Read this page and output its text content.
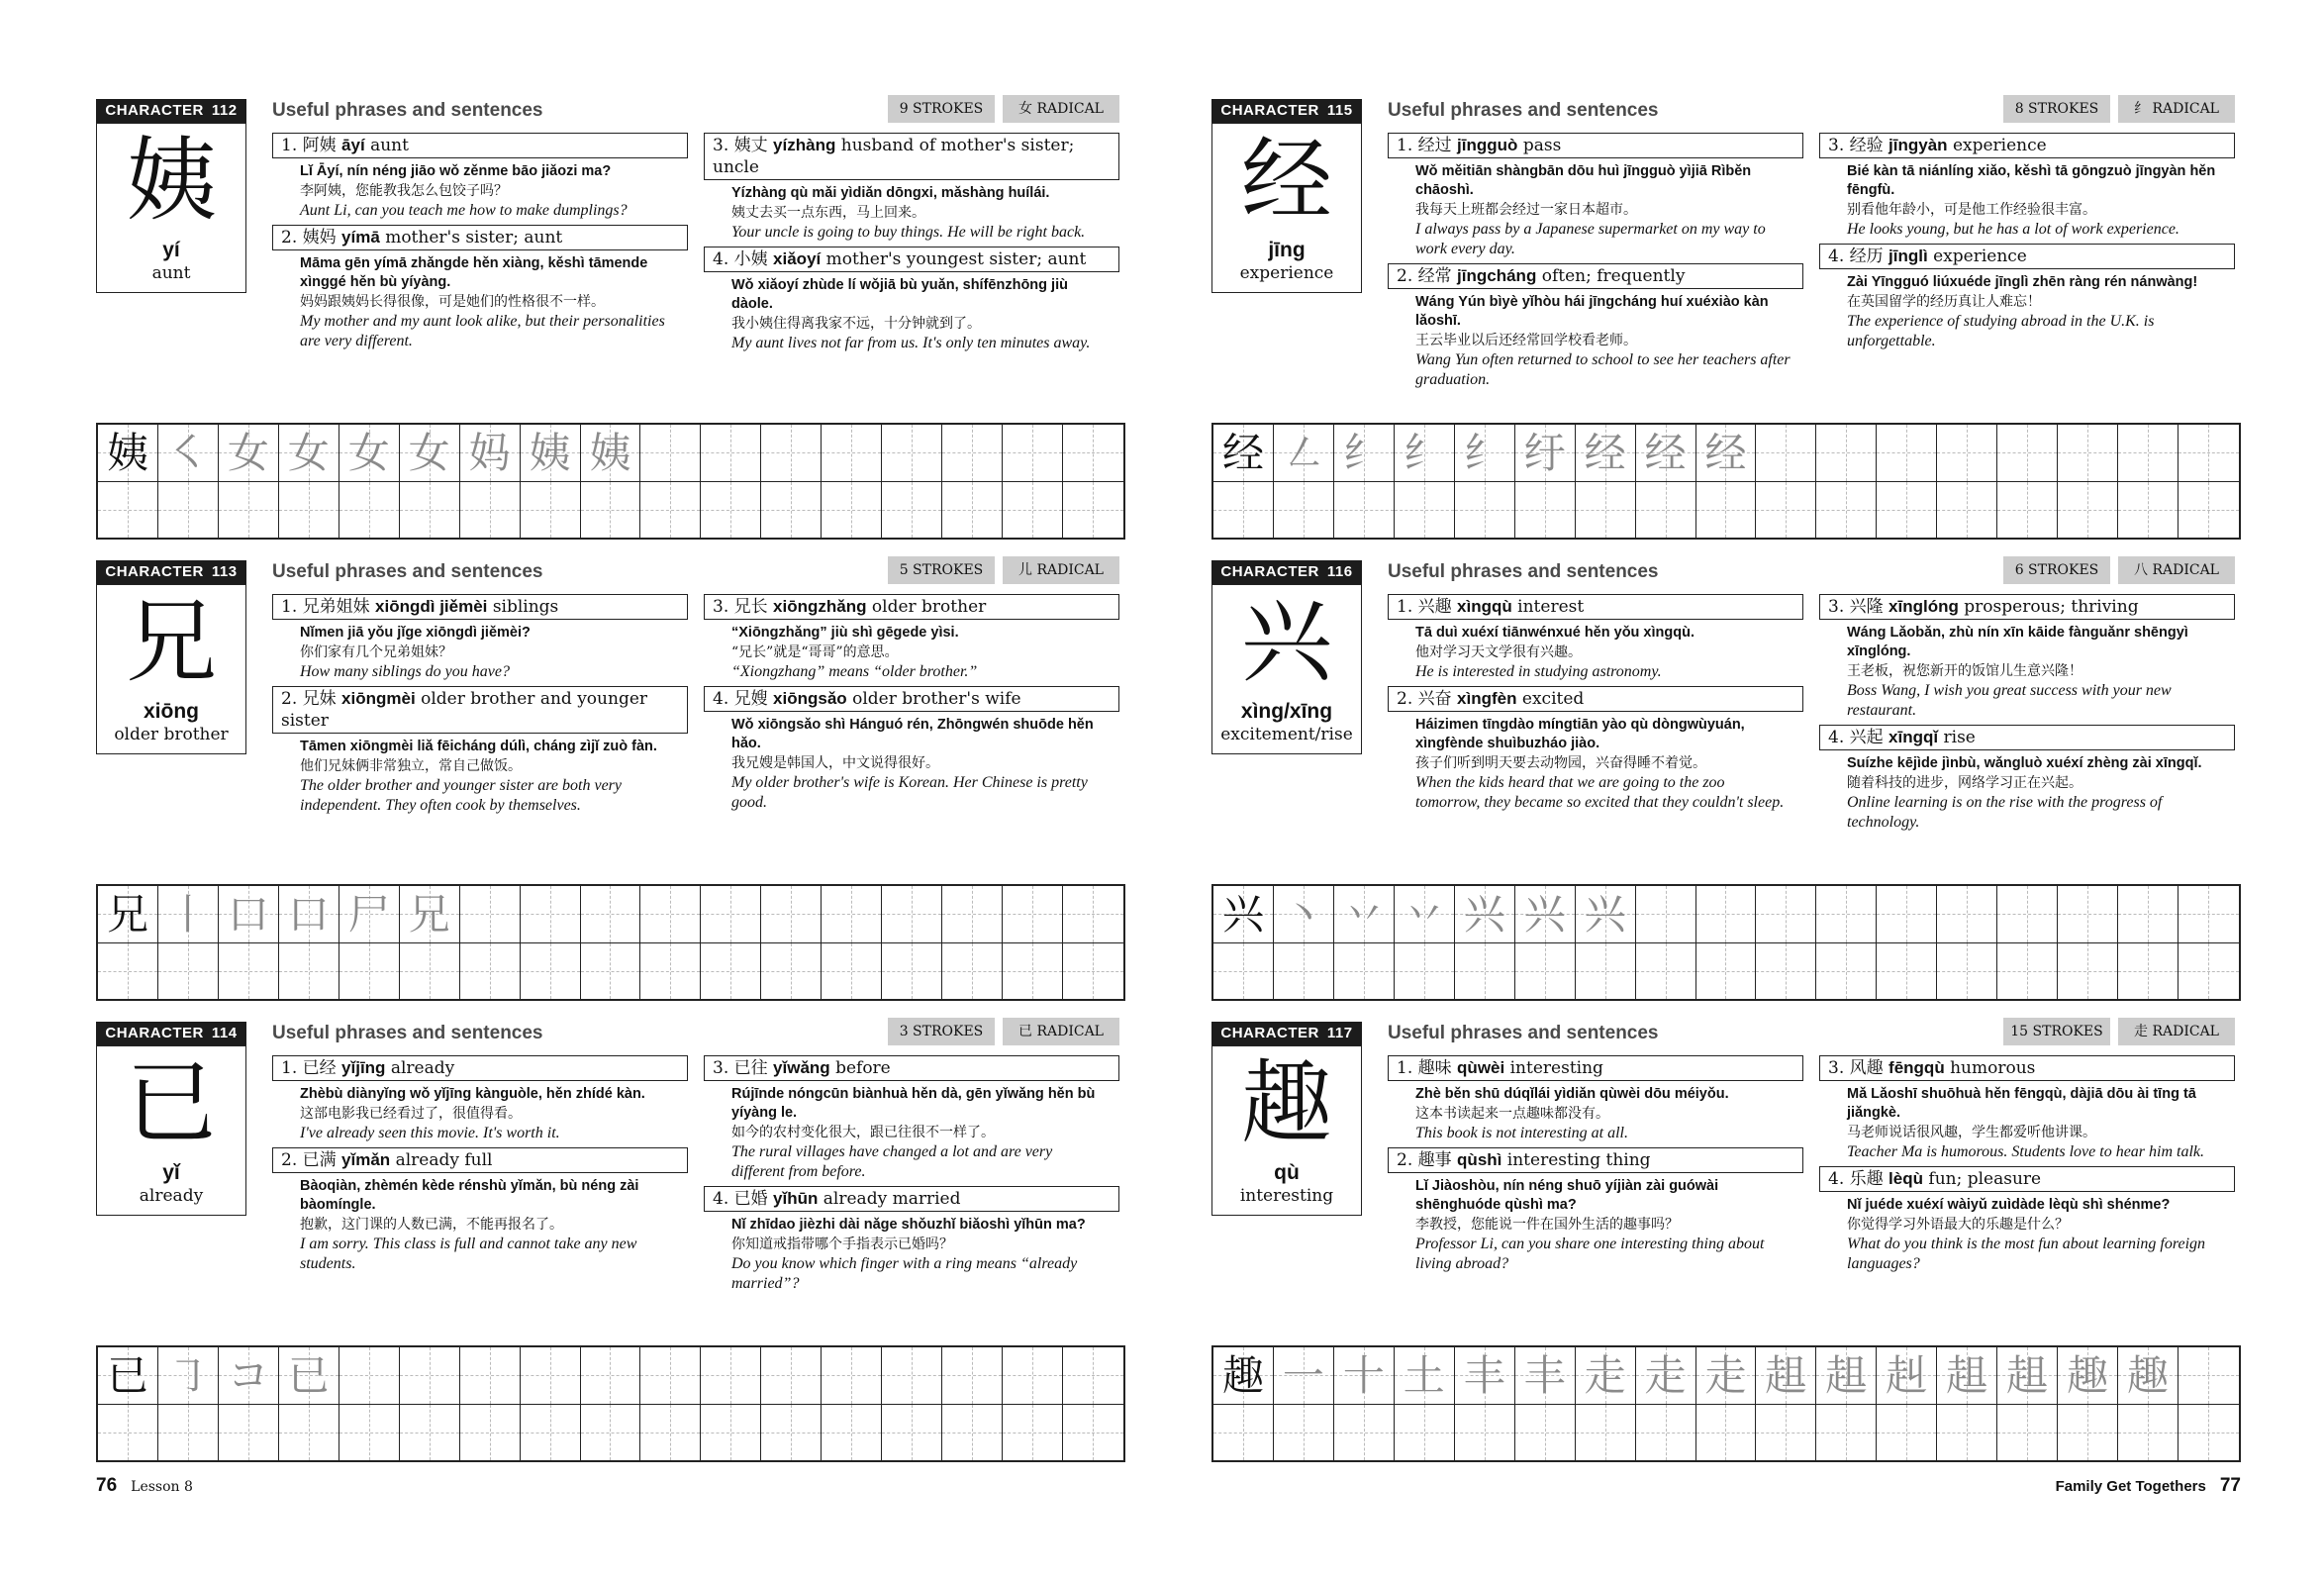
CHARACTER 112
姨
yí
aunt
Useful phrases and sentences	9 STROKES	女 RADICAL
1. 阿姨 āyí aunt
Lǐ Āyí, nín néng jiāo wǒ zěnme bāo jiǎozi ma?
李阿姨，您能教我怎么包饺子吗？
Aunt Li, can you teach me how to make dumplings?
2. 姨妈 yímā mother's sister; aunt
Māma gēn yímā zhǎngde hěn xiàng, kěshì tāmende xìnggé hěn bù yíyàng.
妈妈跟姨妈长得很像，可是她们的性格很不一样。
My mother and my aunt look alike, but their personalities are very different.
3. 姨丈 yízhàng husband of mother's sister; uncle
Yízhàng qù mǎi yìdiǎn dōngxi, mǎshàng huílái.
姨丈去买一点东西，马上回来。
Your uncle is going to buy things. He will be right back.
4. 小姨 xiǎoyí mother's youngest sister; aunt
Wǒ xiǎoyí zhùde lí wǒjiā bù yuǎn, shífēnzhōng jiù dàole.
我小姨住得离我家不远，十分钟就到了。
My aunt lives not far from us. It's only ten minutes away.
姨 ㇛ 女 女 女 女 妈 姨 姨
CHARACTER 113
兄
xiōng
older brother
Useful phrases and sentences	5 STROKES	儿 RADICAL
1. 兄弟姐妹 xiōngdì jiěmèi siblings
Nǐmen jiā yǒu jǐge xiōngdì jiěmèi?
你们家有几个兄弟姐妹？
How many siblings do you have?
2. 兄妹 xiōngmèi older brother and younger sister
Tāmen xiōngmèi liǎ fēicháng dúlì, cháng zìjǐ zuò fàn.
他们兄妹俩非常独立，常自己做饭。
The older brother and younger sister are both very independent. They often cook by themselves.
3. 兄长 xiōngzhǎng older brother
“Xiōngzhǎng” jiù shì gēgede yìsi.
“兄长”就是“哥哥”的意思。
“Xiongzhang” means “older brother.”
4. 兄嫂 xiōngsǎo older brother's wife
Wǒ xiōngsǎo shì Hánguó rén, Zhōngwén shuōde hěn hǎo.
我兄嫂是韩国人，中文说得很好。
My older brother's wife is Korean. Her Chinese is pretty good.
兄 丨 口 口 尸 兄
CHARACTER 114
已
yǐ
already
Useful phrases and sentences	3 STROKES	已 RADICAL
1. 已经 yǐjīng already
Zhèbù diànyǐng wǒ yǐjīng kànguòle, hěn zhídé kàn.
这部电影我已经看过了，很值得看。
I've already seen this movie. It's worth it.
2. 已满 yǐmǎn already full
Bàoqiàn, zhèmén kède rénshù yǐmǎn, bù néng zài bàomíngle.
抱歉，这门课的人数已满，不能再报名了。
I am sorry. This class is full and cannot take any new students.
3. 已往 yǐwǎng before
Rújīnde nóngcūn biànhuà hěn dà, gēn yǐwǎng hěn bù yíyàng le.
如今的农村变化很大，跟已往很不一样了。
The rural villages have changed a lot and are very different from before.
4. 已婚 yǐhūn already married
Nǐ zhīdao jièzhi dài nǎge shǒuzhǐ biǎoshì yǐhūn ma?
你知道戒指带哪个手指表示已婚吗？
Do you know which finger with a ring means “already married”?
已 ㇆ コ 已
76 Lesson 8
CHARACTER 115
经
jīng
experience
Useful phrases and sentences	8 STROKES	纟 RADICAL
1. 经过 jīngguò pass
Wǒ měitiān shàngbān dōu huì jīngguò yìjiā Rìběn chāoshì.
我每天上班都会经过一家日本超市。
I always pass by a Japanese supermarket on my way to work every day.
2. 经常 jīngcháng often; frequently
Wáng Yún bìyè yǐhòu hái jīngcháng huí xuéxiào kàn lǎoshī.
王云毕业以后还经常回学校看老师。
Wang Yun often returned to school to see her teachers after graduation.
3. 经验 jīngyàn experience
Bié kàn tā niánlíng xiǎo, kěshì tā gōngzuò jīngyàn hěn fēngfù.
别看他年龄小，可是他工作经验很丰富。
He looks young, but he has a lot of work experience.
4. 经历 jīnglì experience
Zài Yīngguó liúxuéde jīnglì zhēn ràng rén nánwàng!
在英国留学的经历真让人难忘！
The experience of studying abroad in the U.K. is unforgettable.
经 ㇜ 纟 纟 纟 纡 经 经 经
CHARACTER 116
兴
xìng/xīng
excitement/rise
Useful phrases and sentences	6 STROKES	八 RADICAL
1. 兴趣 xìngqù interest
Tā duì xuéxí tiānwénxué hěn yǒu xìngqù.
他对学习天文学很有兴趣。
He is interested in studying astronomy.
2. 兴奋 xìngfèn excited
Háizimen tīngdào míngtiān yào qù dòngwùyuán, xìngfènde shuìbuzháo jiào.
孩子们听到明天要去动物园，兴奋得睡不着觉。
When the kids heard that we are going to the zoo tomorrow, they became so excited that they couldn't sleep.
3. 兴隆 xīnglóng prosperous; thriving
Wáng Lǎobǎn, zhù nín xīn kāide fànguǎnr shēngyì xīnglóng.
王老板，祝您新开的饭馆儿生意兴隆！
Boss Wang, I wish you great success with your new restaurant.
4. 兴起 xīngqǐ rise
Suízhe kējìde jìnbù, wǎngluò xuéxí zhèng zài xīngqǐ.
随着科技的进步，网络学习正在兴起。
Online learning is on the rise with the progress of technology.
兴 丶 丷 丷 兴 兴 兴
CHARACTER 117
趣
qù
interesting
Useful phrases and sentences	15 STROKES	走 RADICAL
1. 趣味 qùwèi interesting
Zhè běn shū dúqǐlái yìdiǎn qùwèi dōu méiyǒu.
这本书读起来一点趣味都没有。
This book is not interesting at all.
2. 趣事 qùshì interesting thing
Lǐ Jiàoshòu, nín néng shuō yíjiàn zài guówài shēnghuóde qùshì ma?
李教授，您能说一件在国外生活的趣事吗？
Professor Li, can you share one interesting thing about living abroad?
3. 风趣 fēngqù humorous
Mǎ Lǎoshī shuōhuà hěn fēngqù, dàjiā dōu ài tīng tā jiǎngkè.
马老师说话很风趣，学生都爱听他讲课。
Teacher Ma is humorous. Students love to hear him talk.
4. 乐趣 lèqù fun; pleasure
Nǐ juéde xuéxí wàiyǔ zuìdàde lèqù shì shénme?
你觉得学习外语最大的乐趣是什么？
What do you think is the most fun about learning foreign languages?
趣 一 十 土 丰 丰 走 走 走 趄 趄 赳 趄 趄 趣 趣
Family Get Togethers 77
